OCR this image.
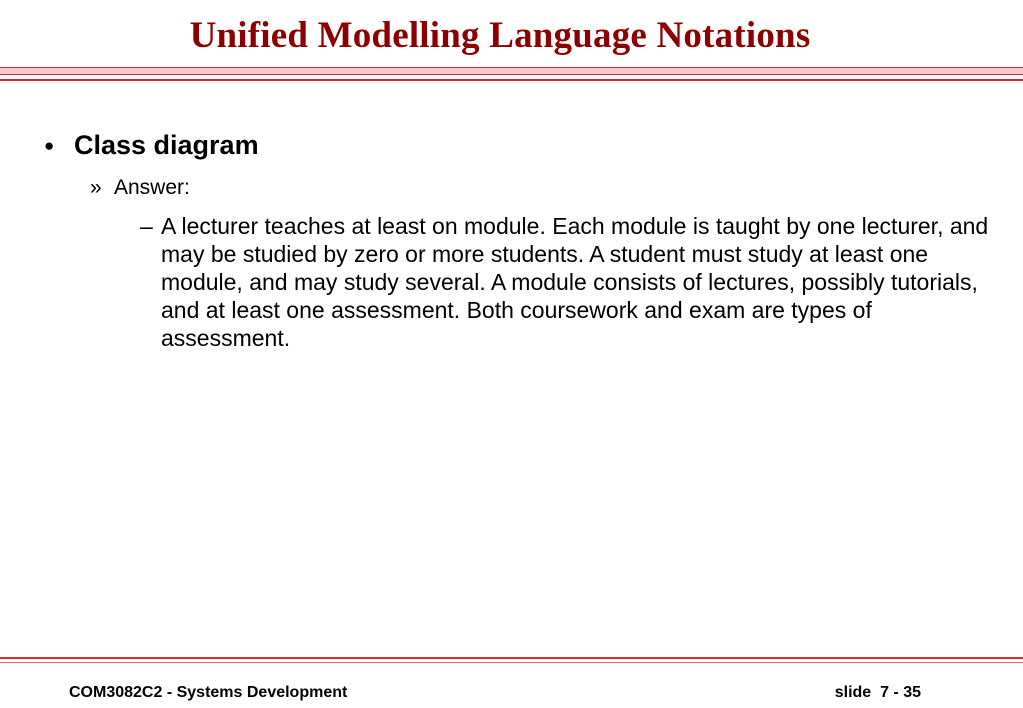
Unified Modelling Language Notations
● Class diagram
» Answer:
– A lecturer teaches at least on module. Each module is taught by one lecturer, and may be studied by zero or more students. A student must study at least one module, and may study several. A module consists of lectures, possibly tutorials, and at least one assessment. Both coursework and exam are types of assessment.
COM3082C2 - Systems Development	slide  7 - 35
